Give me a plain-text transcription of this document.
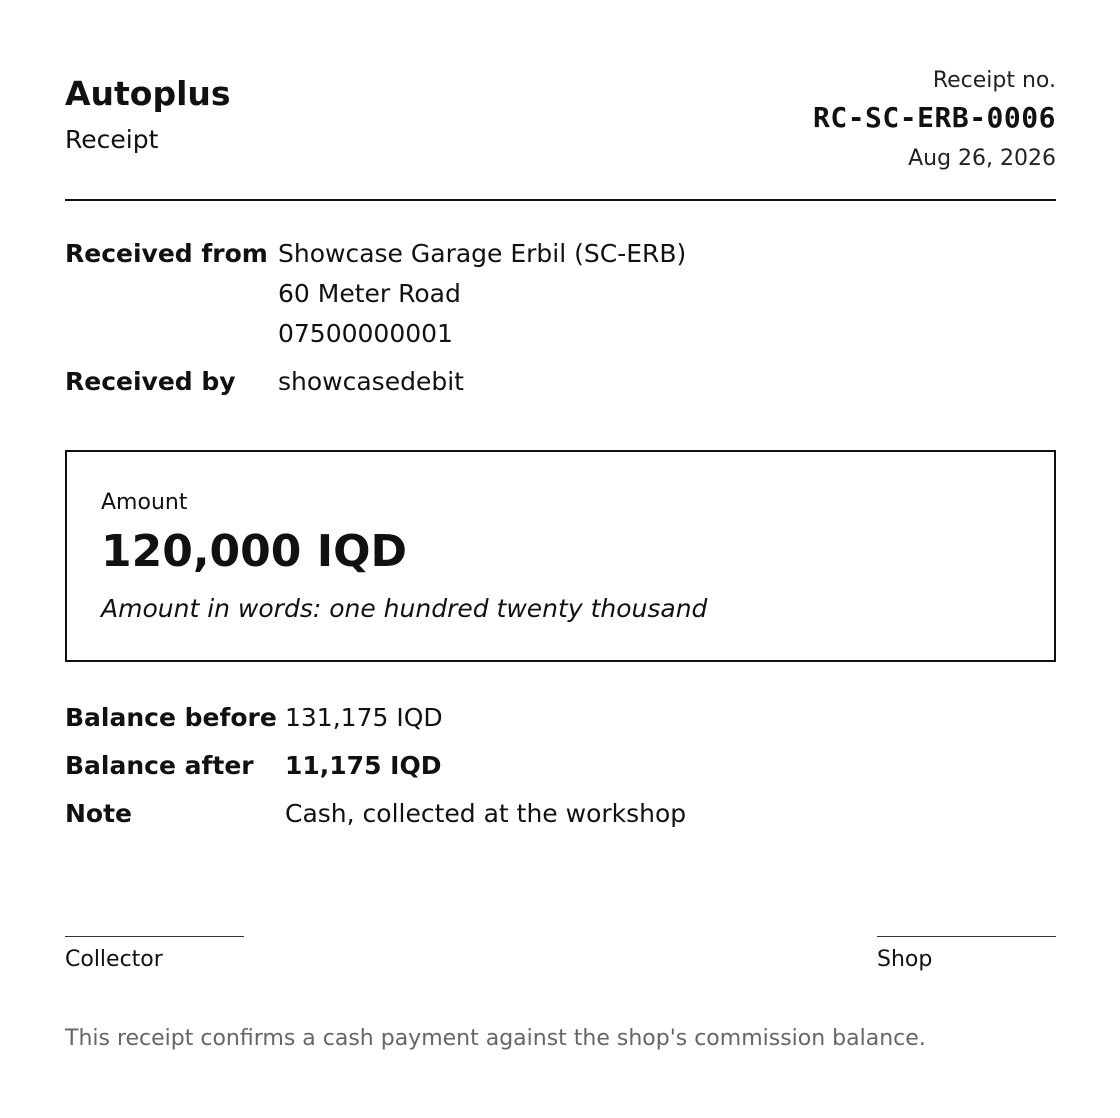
Autoplus
Receipt
Receipt no.
RC-SC-ERB-0006
Aug 26, 2026
Received from Showcase Garage Erbil (SC-ERB)
60 Meter Road
07500000001
Received by	showcasedebit
Amount
120,000 IQD
Amount in words: one hundred twenty thousand
Balance before 131,175 IQD
Balance after	11,175 IQD
Note	Cash, collected at the workshop
Collector	Shop
This receipt confirms a cash payment against the shop's commission balance.
